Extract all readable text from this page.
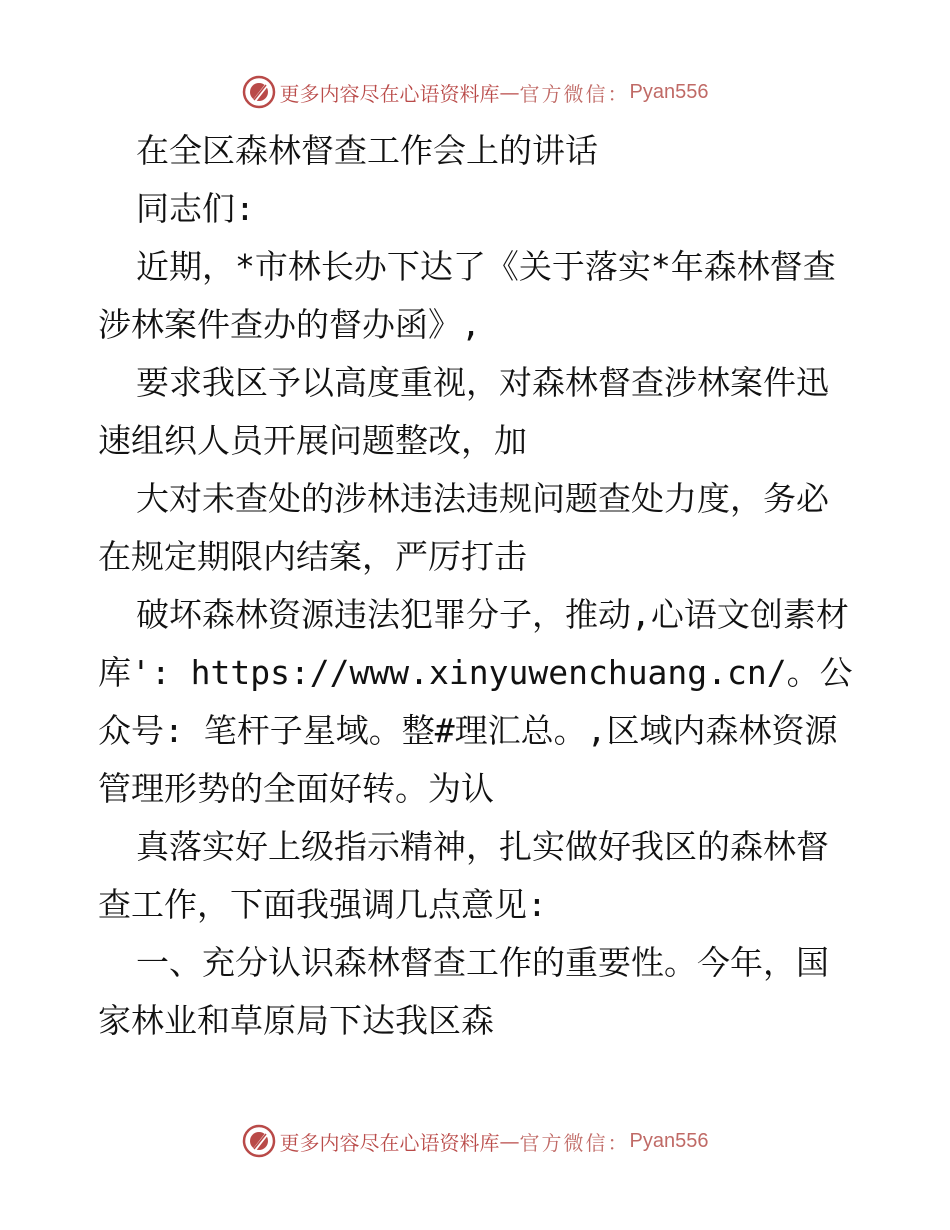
更多内容尽在心语资料库 — 官方微信： Pyan556

在全区森林督查工作会上的讲话

同志们:

近期，*市林长办下达了《关于落实*年森林督查涉林案件查办的督办函》,

要求我区予以高度重视，对森林督查涉林案件迅速组织人员开展问题整改，加

大对未查处的涉林违法违规问题查处力度，务必在规定期限内结案，严厉打击

破坏森林资源违法犯罪分子，推动,心语文创素材库': https://www.xinyuwenchuang.cn/。公众号: 笔杆子星域。整#理汇总。,区域内森林资源管理形势的全面好转。为认

真落实好上级指示精神，扎实做好我区的森林督查工作，下面我强调几点意见:

一、充分认识森林督查工作的重要性。今年，国家林业和草原局下达我区森

更多内容尽在心语资料库 — 官方微信： Pyan556
